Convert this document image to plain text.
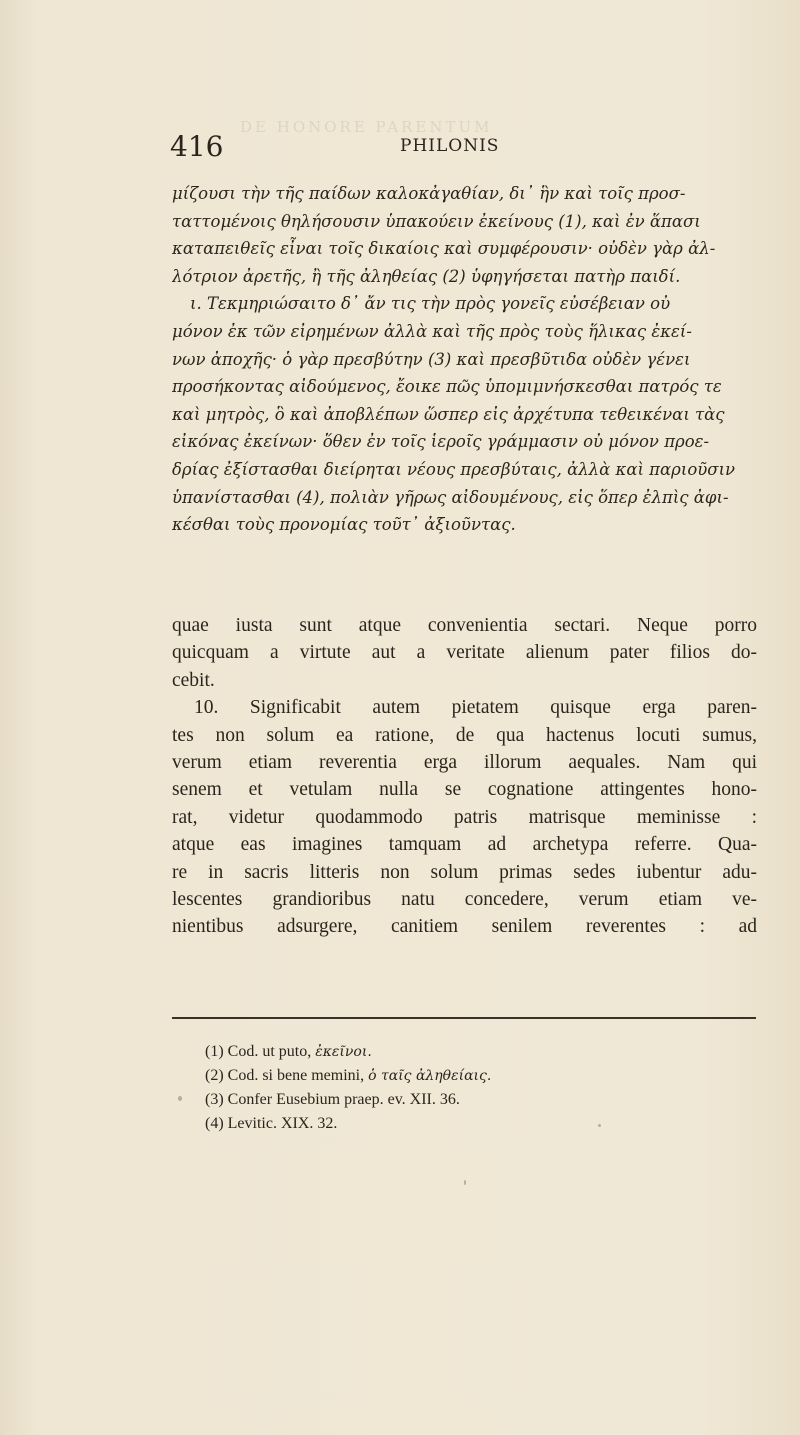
DE HONORE PARENTUM
416	PHILONIS
μίζουσι τὴν τῆς παίδων καλοκἀγαθίαν, δι᾽ ἣν καὶ τοῖς προσ-
ταττομένοις θηλήσουσιν ὑπακούειν ἐκείνους (1), καὶ ἐν ἅπασι
καταπειθεῖς εἶναι τοῖς δικαίοις καὶ συμφέρουσιν· οὐδὲν γὰρ ἀλ-
λότριον ἀρετῆς, ἢ τῆς ἀληθείας (2) ὑφηγήσεται πατὴρ παιδί.
ι. Τεκμηριώσαιτο δ᾽ ἄν τις τὴν πρὸς γονεῖς εὐσέβειαν οὐ
μόνον ἐκ τῶν εἰρημένων ἀλλὰ καὶ τῆς πρὸς τοὺς ἥλικας ἐκεί-
νων ἀποχῆς· ὁ γὰρ πρεσβύτην (3) καὶ πρεσβῦτιδα οὐδὲν γένει
προσήκοντας αἰδούμενος, ἔοικε πῶς ὑπομιμνήσκεσθαι πατρός τε
καὶ μητρὸς, ὃ καὶ ἀποβλέπων ὥσπερ εἰς ἀρχέτυπα τεθεικέναι τὰς
εἰκόνας ἐκείνων· ὅθεν ἐν τοῖς ἱεροῖς γράμμασιν οὐ μόνον προε-
δρίας ἐξίστασθαι διείρηται νέους πρεσβύταις, ἀλλὰ καὶ παριοῦσιν
ὑπανίστασθαι (4), πολιὰν γῆρως αἰδουμένους, εἰς ὅπερ ἐλπὶς ἀφι-
κέσθαι τοὺς προνομίας τοῦτ᾽ ἀξιοῦντας.
quae iusta sunt atque convenientia sectari. Neque porro
quicquam a virtute aut a veritate alienum pater filios do-
cebit.
10. Significabit autem pietatem quisque erga paren-
tes non solum ea ratione, de qua hactenus locuti sumus,
verum etiam reverentia erga illorum aequales. Nam qui
senem et vetulam nulla se cognatione attingentes hono-
rat, videtur quodammodo patris matrisque meminisse :
atque eas imagines tamquam ad archetypa referre. Qua-
re in sacris litteris non solum primas sedes iubentur adu-
lescentes grandioribus natu concedere, verum etiam ve-
nientibus adsurgere, canitiem senilem reverentes : ad
(1) Cod. ut puto, ἐκεῖνοι.
(2) Cod. si bene memini, ὁ ταῖς ἀληθείαις.
(3) Confer Eusebium praep. ev. XII. 36.
(4) Levitic. XIX. 32.
